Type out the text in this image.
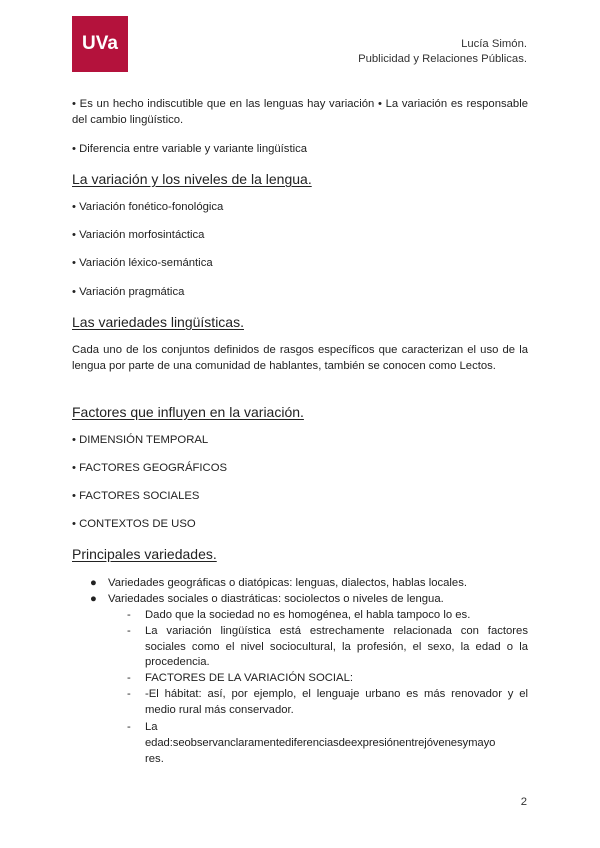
UVa	Lucía Simón.
Publicidad y Relaciones Públicas.
• Es un hecho indiscutible que en las lenguas hay variación • La variación es responsable del cambio lingüístico.
• Diferencia entre variable y variante lingüística
La variación y los niveles de la lengua.
• Variación fonético-fonológica
• Variación morfosintáctica
• Variación léxico-semántica
• Variación pragmática
Las variedades lingüísticas.
Cada uno de los conjuntos definidos de rasgos específicos que caracterizan el uso de la lengua por parte de una comunidad de hablantes, también se conocen como Lectos.
Factores que influyen en la variación.
• DIMENSIÓN TEMPORAL
• FACTORES GEOGRÁFICOS
• FACTORES SOCIALES
• CONTEXTOS DE USO
Principales variedades.
● Variedades geográficas o diatópicas: lenguas, dialectos, hablas locales.
● Variedades sociales o diastráticas: sociolectos o niveles de lengua.
- Dado que la sociedad no es homogénea, el habla tampoco lo es.
- La variación lingüística está estrechamente relacionada con factores sociales como el nivel sociocultural, la profesión, el sexo, la edad o la procedencia.
- FACTORES DE LA VARIACIÓN SOCIAL:
- -El hábitat: así, por ejemplo, el lenguaje urbano es más renovador y el medio rural más conservador.
- La
edad:seobservanclaramentediferenciasdeexpresiónentrejóvenesymayo
res.
2
